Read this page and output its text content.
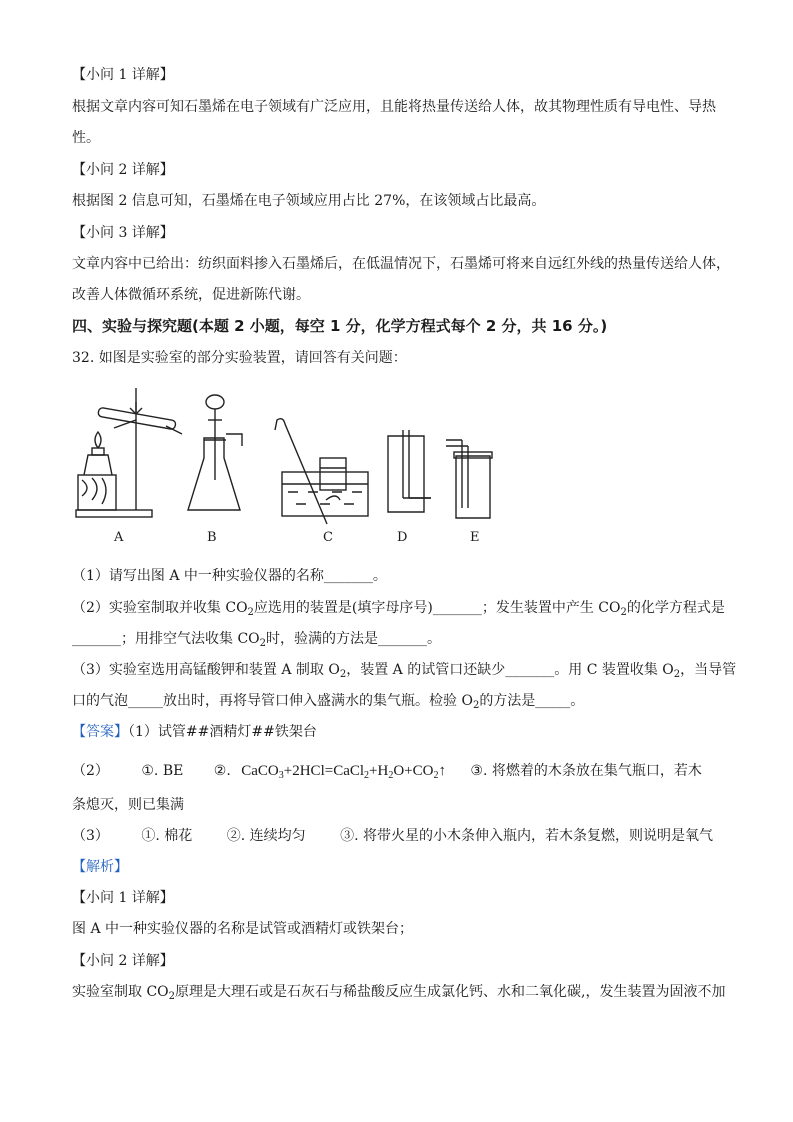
【小问 1 详解】
根据文章内容可知石墨烯在电子领域有广泛应用，且能将热量传送给人体，故其物理性质有导电性、导热
性。
【小问 2 详解】
根据图 2 信息可知，石墨烯在电子领域应用占比 27%，在该领域占比最高。
【小问 3 详解】
文章内容中已给出：纺织面料掺入石墨烯后，在低温情况下，石墨烯可将来自远红外线的热量传送给人体，
改善人体微循环系统，促进新陈代谢。
四、实验与探究题(本题 2 小题，每空 1 分，化学方程式每个 2 分，共 16 分。)
32. 如图是实验室的部分实验装置，请回答有关问题：
A	B	C	D	E
（1）请写出图 A 中一种实验仪器的名称_______。
（2）实验室制取并收集 $CO_2$应选用的装置是(填字母序号)_______；发生装置中产生 $CO_2$的化学方程式是
_______；用排空气法收集 $CO_2$时，验满的方法是_______。
（3）实验室选用高锰酸钾和装置 A 制取 $O_2$，装置 A 的试管口还缺少_______。用 C 装置收集 $O_2$，当导管
口的气泡_____放出时，再将导管口伸入盛满水的集气瓶。检验 $O_2$的方法是_____。
【答案】（1）试管##酒精灯##铁架台
（2） ①. BE ②. $CaCO_3+2HCl=CaCl_2+H_2O+CO_2↑$ ③. 将燃着的木条放在集气瓶口，若木
条熄灭，则已集满
（3） ①. 棉花 ②. 连续均匀 ③. 将带火星的小木条伸入瓶内，若木条复燃，则说明是氧气
【解析】
【小问 1 详解】
图 A 中一种实验仪器的名称是试管或酒精灯或铁架台；
【小问 2 详解】
实验室制取 $CO_2$原理是大理石或是石灰石与稀盐酸反应生成氯化钙、水和二氧化碳,，发生装置为固液不加
